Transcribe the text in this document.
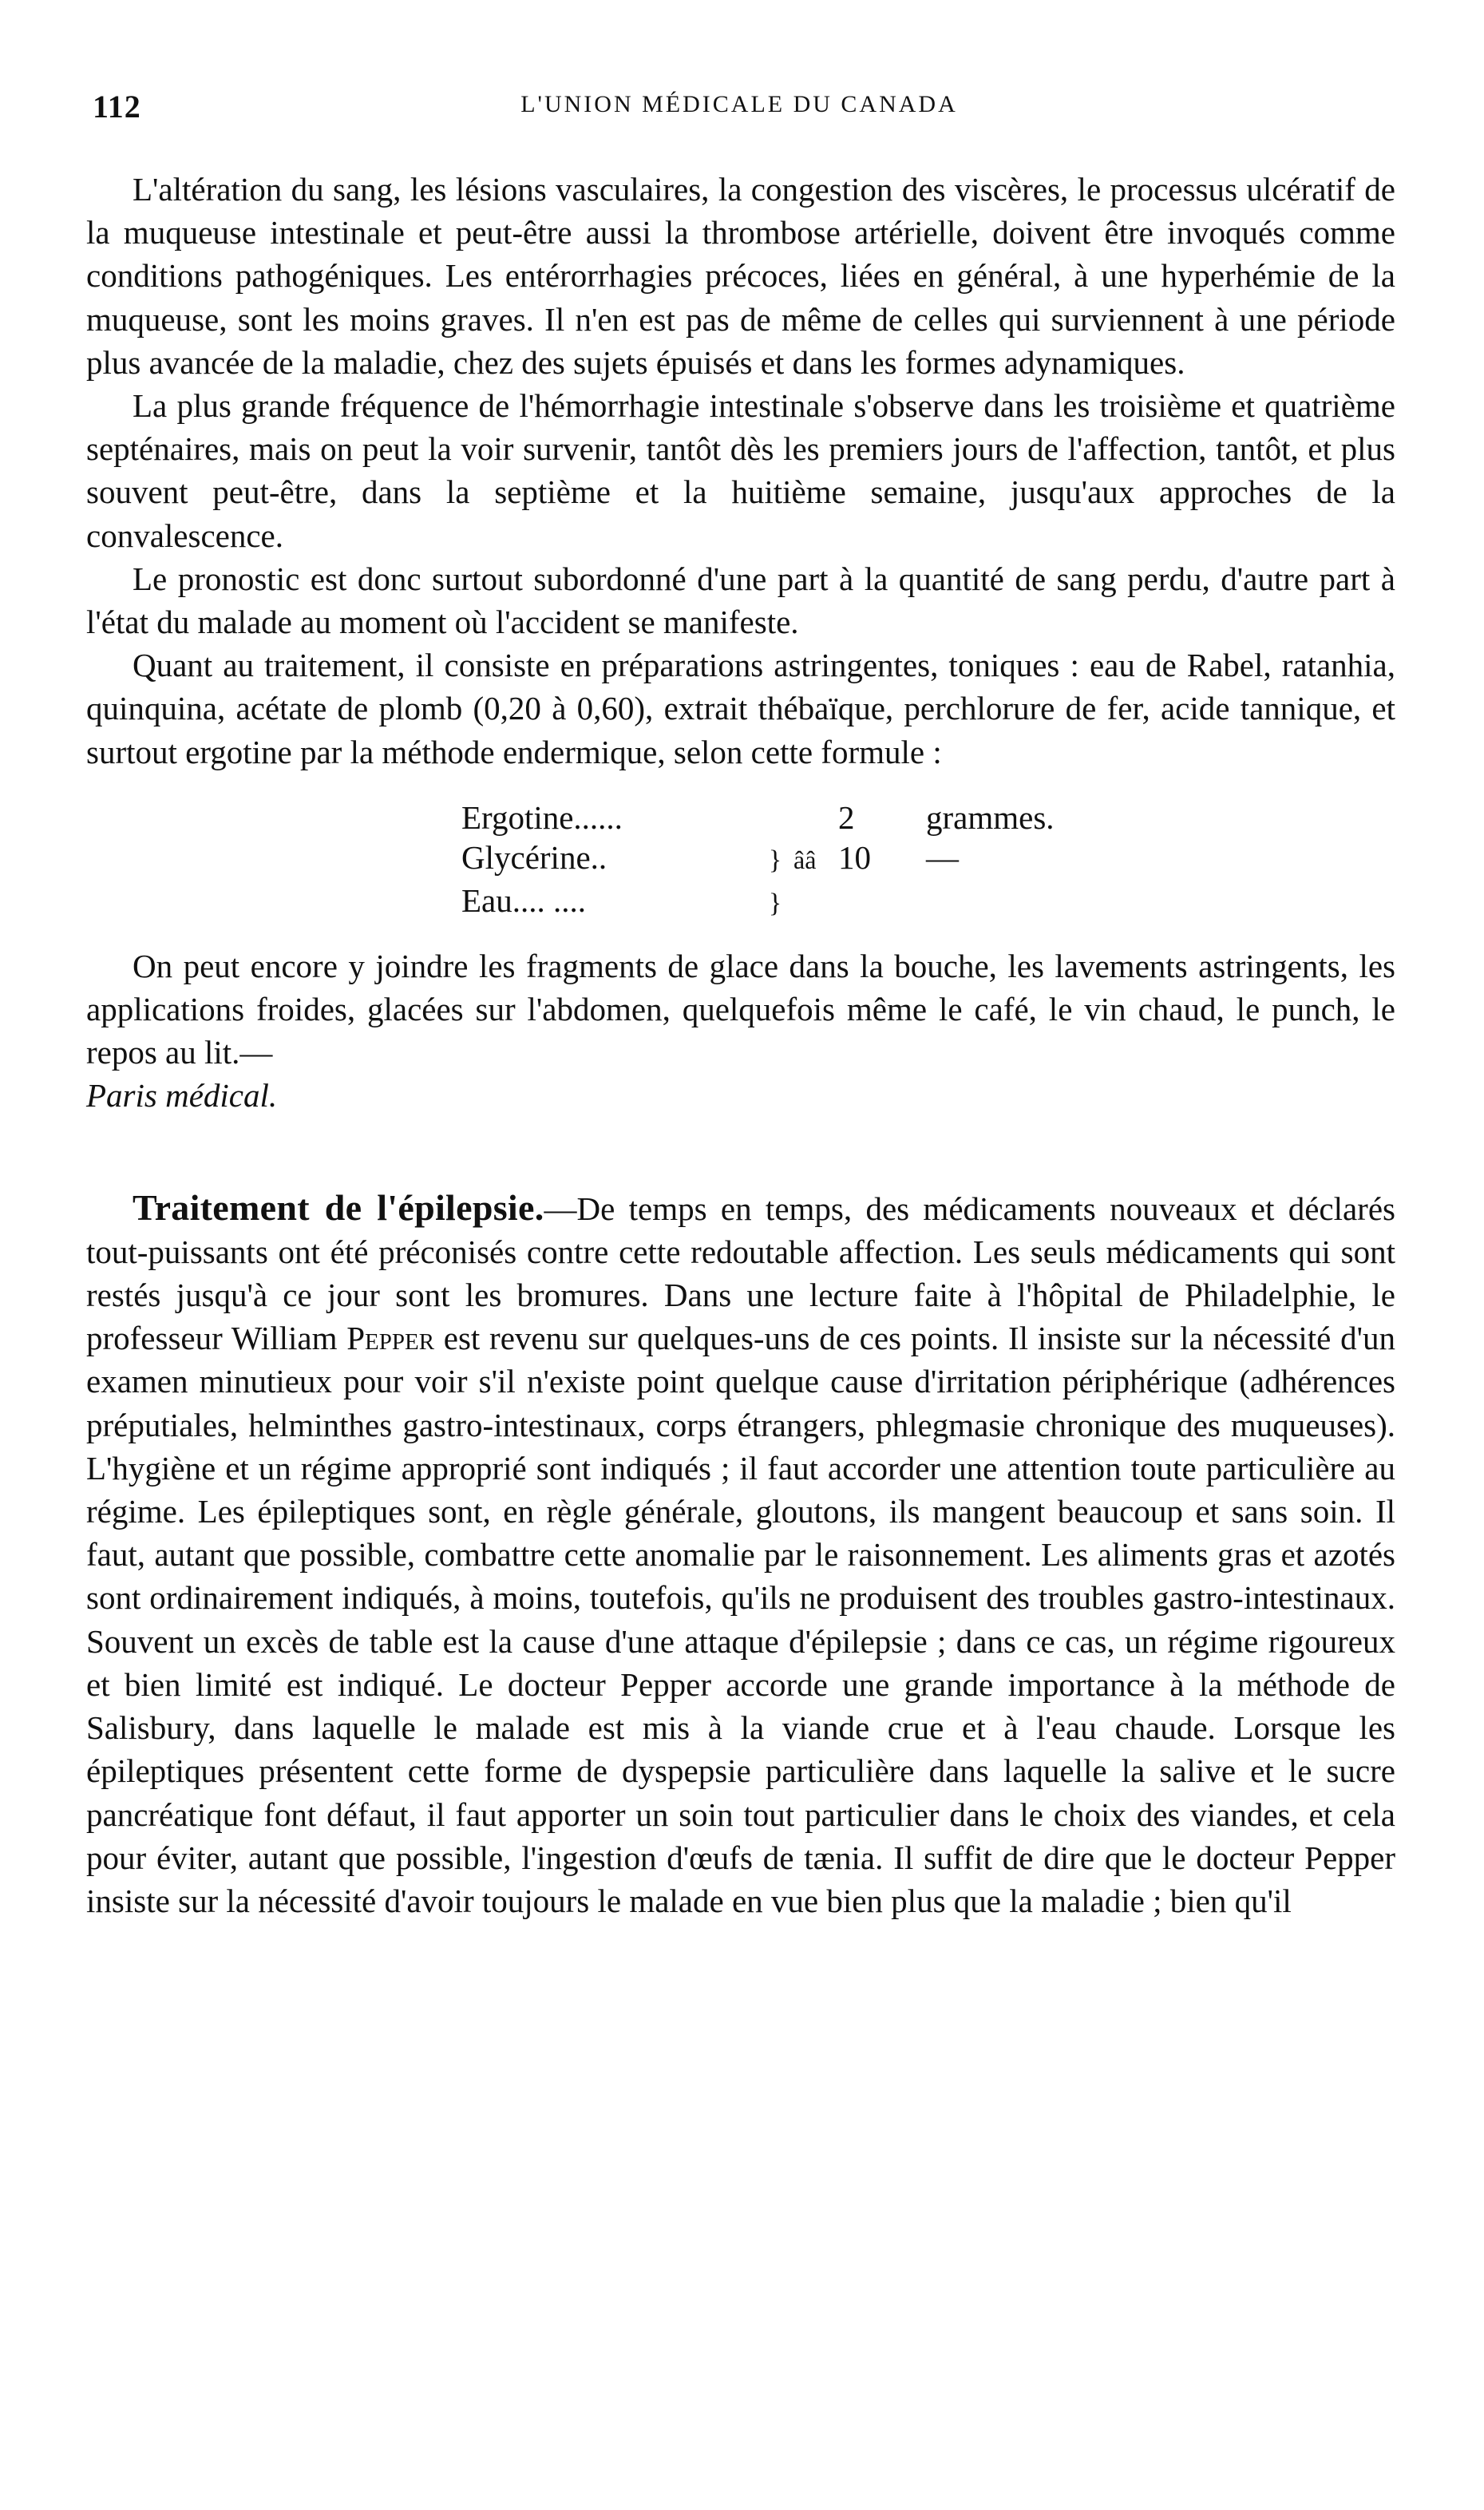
112	L'UNION MÉDICALE DU CANADA

L'altération du sang, les lésions vasculaires, la congestion des viscères, le processus ulcératif de la muqueuse intestinale et peut-être aussi la thrombose artérielle, doivent être invoqués comme conditions pathogéniques. Les entérorrhagies précoces, liées en général, à une hyperhémie de la muqueuse, sont les moins graves. Il n'en est pas de même de celles qui surviennent à une période plus avancée de la maladie, chez des sujets épuisés et dans les formes adynamiques.

La plus grande fréquence de l'hémorrhagie intestinale s'observe dans les troisième et quatrième septénaires, mais on peut la voir survenir, tantôt dès les premiers jours de l'affection, tantôt, et plus souvent peut-être, dans la septième et la huitième semaine, jusqu'aux approches de la convalescence.

Le pronostic est donc surtout subordonné d'une part à la quantité de sang perdu, d'autre part à l'état du malade au moment où l'accident se manifeste.

Quant au traitement, il consiste en préparations astringentes, toniques : eau de Rabel, ratanhia, quinquina, acétate de plomb (0,20 à 0,60), extrait thébaïque, perchlorure de fer, acide tannique, et surtout ergotine par la méthode endermique, selon cette formule :

Ergotine......	2	grammes.
Glycérine..	} ââ 10	—
Eau.... ....	}

On peut encore y joindre les fragments de glace dans la bouche, les lavements astringents, les applications froides, glacées sur l'abdomen, quelquefois même le café, le vin chaud, le punch, le repos au lit.—
Paris médical.

Traitement de l'épilepsie.—De temps en temps, des médicaments nouveaux et déclarés tout-puissants ont été préconisés contre cette redoutable affection. Les seuls médicaments qui sont restés jusqu'à ce jour sont les bromures. Dans une lecture faite à l'hôpital de Philadelphie, le professeur William Pepper est revenu sur quelques-uns de ces points. Il insiste sur la nécessité d'un examen minutieux pour voir s'il n'existe point quelque cause d'irritation périphérique (adhérences préputiales, helminthes gastro-intestinaux, corps étrangers, phlegmasie chronique des muqueuses). L'hygiène et un régime approprié sont indiqués ; il faut accorder une attention toute particulière au régime. Les épileptiques sont, en règle générale, gloutons, ils mangent beaucoup et sans soin. Il faut, autant que possible, combattre cette anomalie par le raisonnement. Les aliments gras et azotés sont ordinairement indiqués, à moins, toutefois, qu'ils ne produisent des troubles gastro-intestinaux. Souvent un excès de table est la cause d'une attaque d'épilepsie ; dans ce cas, un régime rigoureux et bien limité est indiqué. Le docteur Pepper accorde une grande importance à la méthode de Salisbury, dans laquelle le malade est mis à la viande crue et à l'eau chaude. Lorsque les épileptiques présentent cette forme de dyspepsie particulière dans laquelle la salive et le sucre pancréatique font défaut, il faut apporter un soin tout particulier dans le choix des viandes, et cela pour éviter, autant que possible, l'ingestion d'œufs de tænia. Il suffit de dire que le docteur Pepper insiste sur la nécessité d'avoir toujours le malade en vue bien plus que la maladie ; bien qu'il
